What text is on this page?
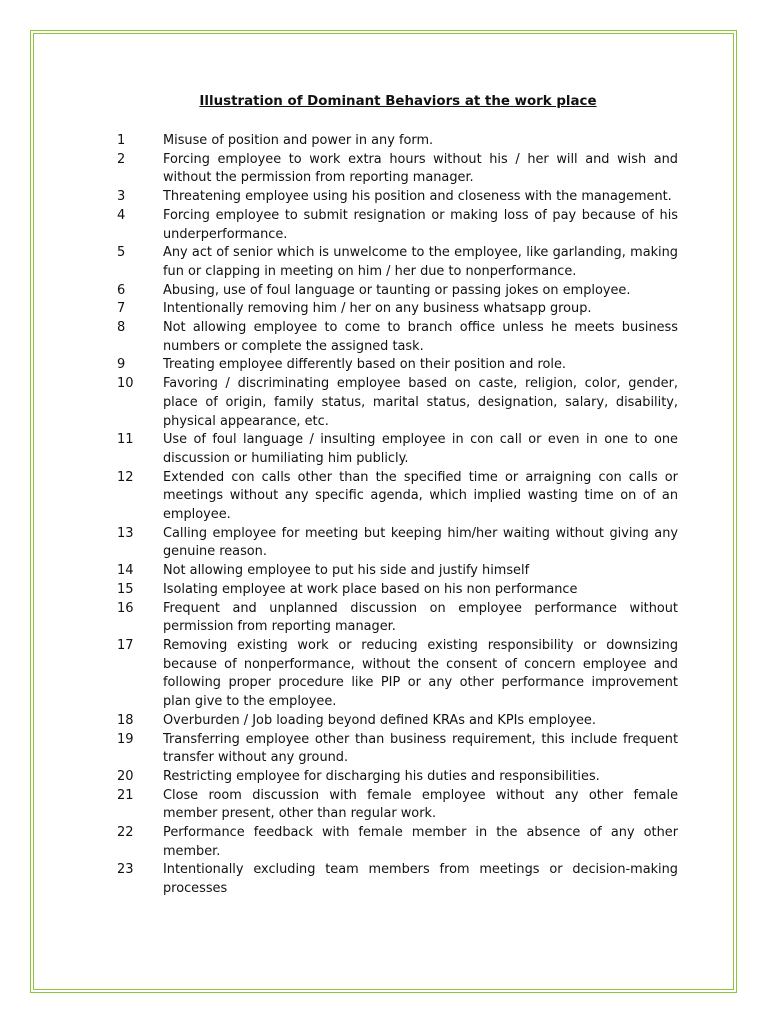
Illustration of Dominant Behaviors at the work place
1	Misuse of position and power in any form.
2	Forcing employee to work extra hours without his / her will and wish and without the permission from reporting manager.
3	Threatening employee using his position and closeness with the management.
4	Forcing employee to submit resignation or making loss of pay because of his underperformance.
5	Any act of senior which is unwelcome to the employee, like garlanding, making fun or clapping in meeting on him / her due to nonperformance.
6	Abusing, use of foul language or taunting or passing jokes on employee.
7	Intentionally removing him / her on any business whatsapp group.
8	Not allowing employee to come to branch office unless he meets business numbers or complete the assigned task.
9	Treating employee differently based on their position and role.
10 Favoring / discriminating employee based on caste, religion, color, gender, place of origin, family status, marital status, designation, salary, disability, physical appearance, etc.
11 Use of foul language / insulting employee in con call or even in one to one discussion or humiliating him publicly.
12 Extended con calls other than the specified time or arraigning con calls or meetings without any specific agenda, which implied wasting time on of an employee.
13 Calling employee for meeting but keeping him/her waiting without giving any genuine reason.
14 Not allowing employee to put his side and justify himself
15 Isolating employee at work place based on his non performance
16 Frequent and unplanned discussion on employee performance without permission from reporting manager.
17 Removing existing work or reducing existing responsibility or downsizing because of nonperformance, without the consent of concern employee and following proper procedure like PIP or any other performance improvement plan give to the employee.
18 Overburden / Job loading beyond defined KRAs and KPIs employee.
19 Transferring employee other than business requirement, this include frequent transfer without any ground.
20 Restricting employee for discharging his duties and responsibilities.
21 Close room discussion with female employee without any other female member present, other than regular work.
22 Performance feedback with female member in the absence of any other member.
23 Intentionally excluding team members from meetings or decision-making processes
